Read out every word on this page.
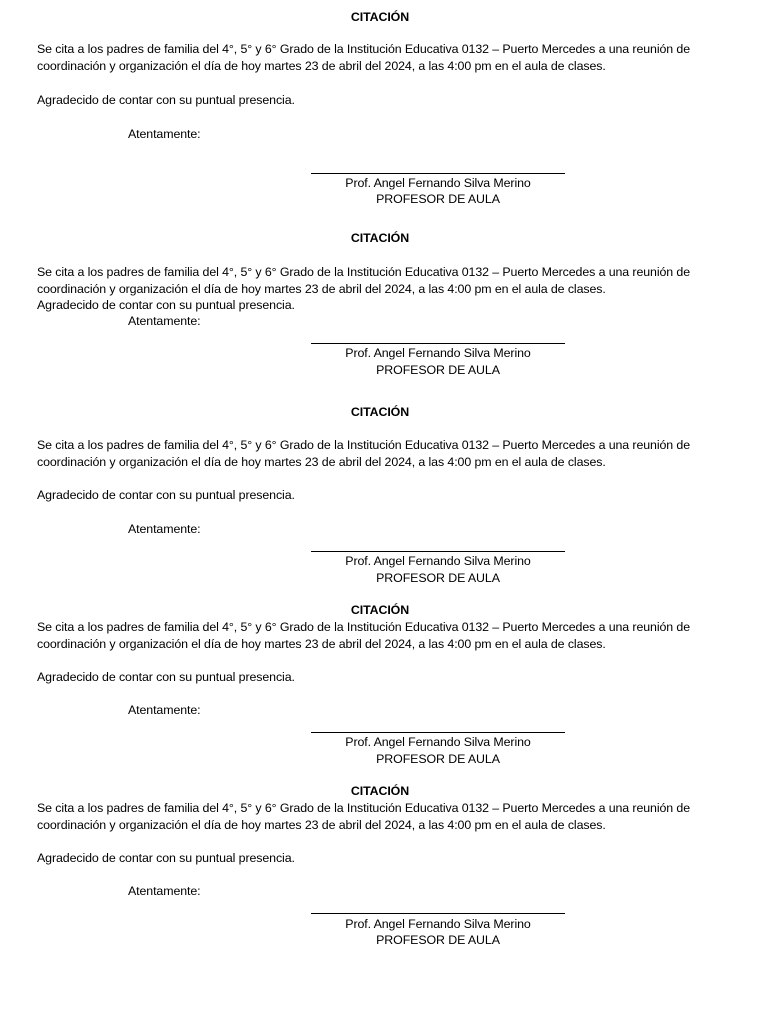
CITACIÓN
Se cita a los padres de familia del 4°, 5° y 6° Grado de la Institución Educativa 0132 – Puerto Mercedes a una reunión de
coordinación y organización el día de hoy martes 23 de abril del 2024, a las 4:00 pm en el aula de clases.
Agradecido de contar con su puntual presencia.
Atentamente:
Prof. Angel Fernando Silva Merino
PROFESOR DE AULA
CITACIÓN
Se cita a los padres de familia del 4°, 5° y 6° Grado de la Institución Educativa 0132 – Puerto Mercedes a una reunión de
coordinación y organización el día de hoy martes 23 de abril del 2024, a las 4:00 pm en el aula de clases.
Agradecido de contar con su puntual presencia.
Atentamente:
Prof. Angel Fernando Silva Merino
PROFESOR DE AULA
CITACIÓN
Se cita a los padres de familia del 4°, 5° y 6° Grado de la Institución Educativa 0132 – Puerto Mercedes a una reunión de
coordinación y organización el día de hoy martes 23 de abril del 2024, a las 4:00 pm en el aula de clases.
Agradecido de contar con su puntual presencia.
Atentamente:
Prof. Angel Fernando Silva Merino
PROFESOR DE AULA
CITACIÓN
Se cita a los padres de familia del 4°, 5° y 6° Grado de la Institución Educativa 0132 – Puerto Mercedes a una reunión de
coordinación y organización el día de hoy martes 23 de abril del 2024, a las 4:00 pm en el aula de clases.
Agradecido de contar con su puntual presencia.
Atentamente:
Prof. Angel Fernando Silva Merino
PROFESOR DE AULA
CITACIÓN
Se cita a los padres de familia del 4°, 5° y 6° Grado de la Institución Educativa 0132 – Puerto Mercedes a una reunión de
coordinación y organización el día de hoy martes 23 de abril del 2024, a las 4:00 pm en el aula de clases.
Agradecido de contar con su puntual presencia.
Atentamente:
Prof. Angel Fernando Silva Merino
PROFESOR DE AULA
